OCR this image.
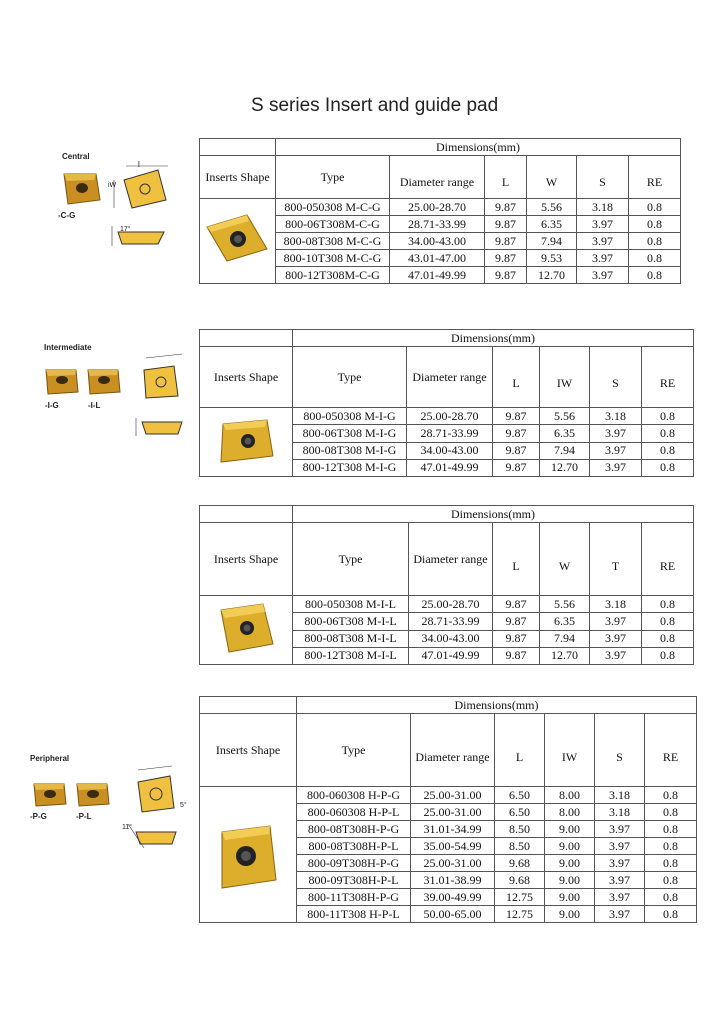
S series Insert and guide pad
Central
-C-G
l
iW
17°
	Dimensions(mm)					
Inserts Shape	Type	Diameter range	L	W	S	RE
	800-050308 M-C-G	25.00-28.70	9.87	5.56	3.18	0.8
	800-06T308M-C-G	28.71-33.99	9.87	6.35	3.97	0.8
	800-08T308 M-C-G	34.00-43.00	9.87	7.94	3.97	0.8
	800-10T308 M-C-G	43.01-47.00	9.87	9.53	3.97	0.8
	800-12T308M-C-G	47.01-49.99	9.87	12.70	3.97	0.8
Intermediate
-I-G	-I-L
	Dimensions(mm)					
Inserts Shape	Type	Diameter range	L	IW	S	RE
	800-050308 M-I-G	25.00-28.70	9.87	5.56	3.18	0.8
	800-06T308 M-I-G	28.71-33.99	9.87	6.35	3.97	0.8
	800-08T308 M-I-G	34.00-43.00	9.87	7.94	3.97	0.8
	800-12T308 M-I-G	47.01-49.99	9.87	12.70	3.97	0.8
	Dimensions(mm)					
Inserts Shape	Type	Diameter range	L	W	T	RE
	800-050308 M-I-L	25.00-28.70	9.87	5.56	3.18	0.8
	800-06T308 M-I-L	28.71-33.99	9.87	6.35	3.97	0.8
	800-08T308 M-I-L	34.00-43.00	9.87	7.94	3.97	0.8
	800-12T308 M-I-L	47.01-49.99	9.87	12.70	3.97	0.8
Peripheral
-P-G	-P-L
5°
11°
	Dimensions(mm)					
Inserts Shape	Type	Diameter range	L	IW	S	RE
	800-060308 H-P-G	25.00-31.00	6.50	8.00	3.18	0.8
	800-060308 H-P-L	25.00-31.00	6.50	8.00	3.18	0.8
	800-08T308H-P-G	31.01-34.99	8.50	9.00	3.97	0.8
	800-08T308H-P-L	35.00-54.99	8.50	9.00	3.97	0.8
	800-09T308H-P-G	25.00-31.00	9.68	9.00	3.97	0.8
	800-09T308H-P-L	31.01-38.99	9.68	9.00	3.97	0.8
	800-11T308H-P-G	39.00-49.99	12.75	9.00	3.97	0.8
	800-11T308 H-P-L	50.00-65.00	12.75	9.00	3.97	0.8
